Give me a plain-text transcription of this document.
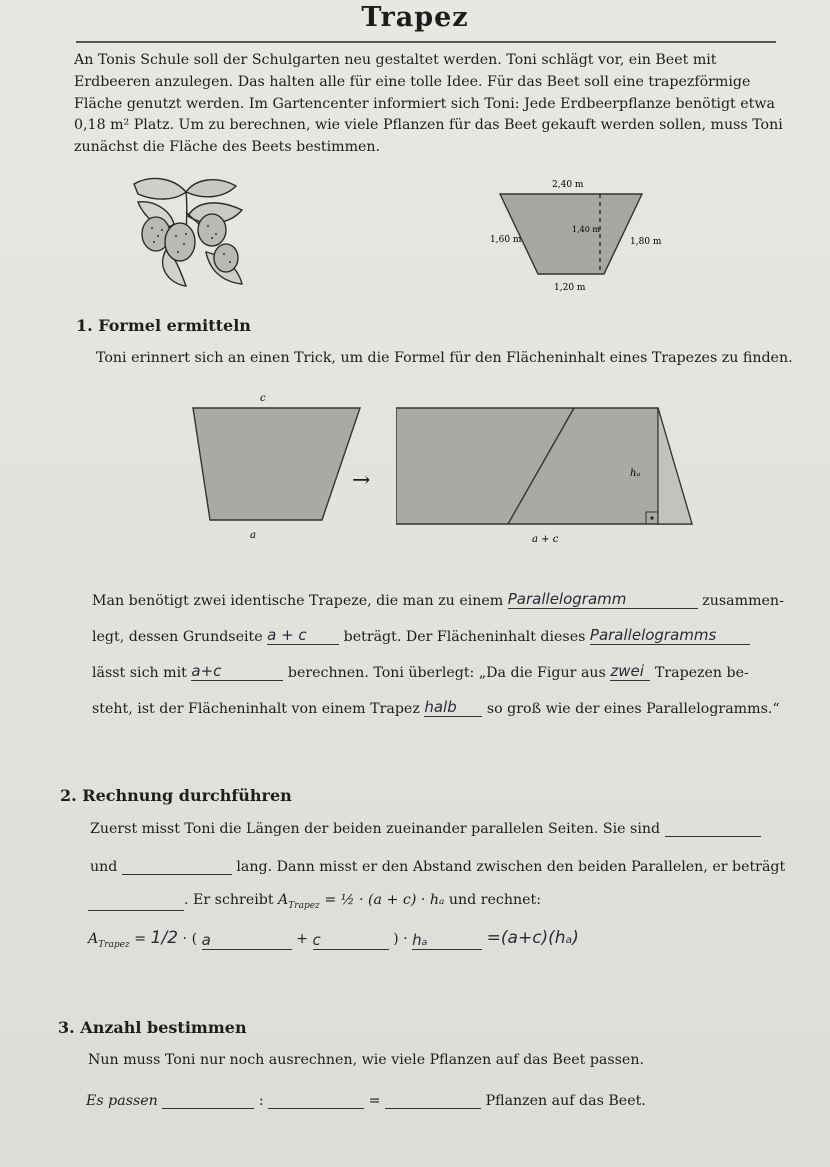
Trapez
An Tonis Schule soll der Schulgarten neu gestaltet werden. Toni schlägt vor, ein Beet mit Erdbeeren anzulegen. Das halten alle für eine tolle Idee. Für das Beet soll eine trapezförmige Fläche genutzt werden. Im Gartencenter informiert sich Toni: Jede Erdbeerpflanze benötigt etwa 0,18 m² Platz. Um zu berechnen, wie viele Pflanzen für das Beet gekauft werden sollen, muss Toni zunächst die Fläche des Beets bestimmen.
2,40 m
1,60 m
1,40 m
1,80 m
1,20 m
1. Formel ermitteln
Toni erinnert sich an einen Trick, um die Formel für den Flächeninhalt eines Trapezes zu finden.
c
a
→	hₐ
a + c
Man benötigt zwei identische Trapeze, die man zu einem Parallelogramm	zusammen-
legt, dessen Grundseite a + c	beträgt. Der Flächeninhalt dieses Parallelogramms
lässt sich mit a+c	berechnen. Toni überlegt: „Da die Figur aus zwei Trapezen be-
steht, ist der Flächeninhalt von einem Trapez halb so groß wie der eines Parallelogramms.“
2. Rechnung durchführen
Zuerst misst Toni die Längen der beiden zueinander parallelen Seiten. Sie sind
und	lang. Dann misst er den Abstand zwischen den beiden Parallelen, er beträgt
. Er schreibt $A_{Trapez}$ = ½ · (a + c) · hₐ und rechnet:
$A_{Trapez} = 1/2$ · ( a	+ c	) · hₐ	=(a+c)(hₐ)
3. Anzahl bestimmen
Nun muss Toni nur noch ausrechnen, wie viele Pflanzen auf das Beet passen.
Es passen	:	=	Pflanzen auf das Beet.
